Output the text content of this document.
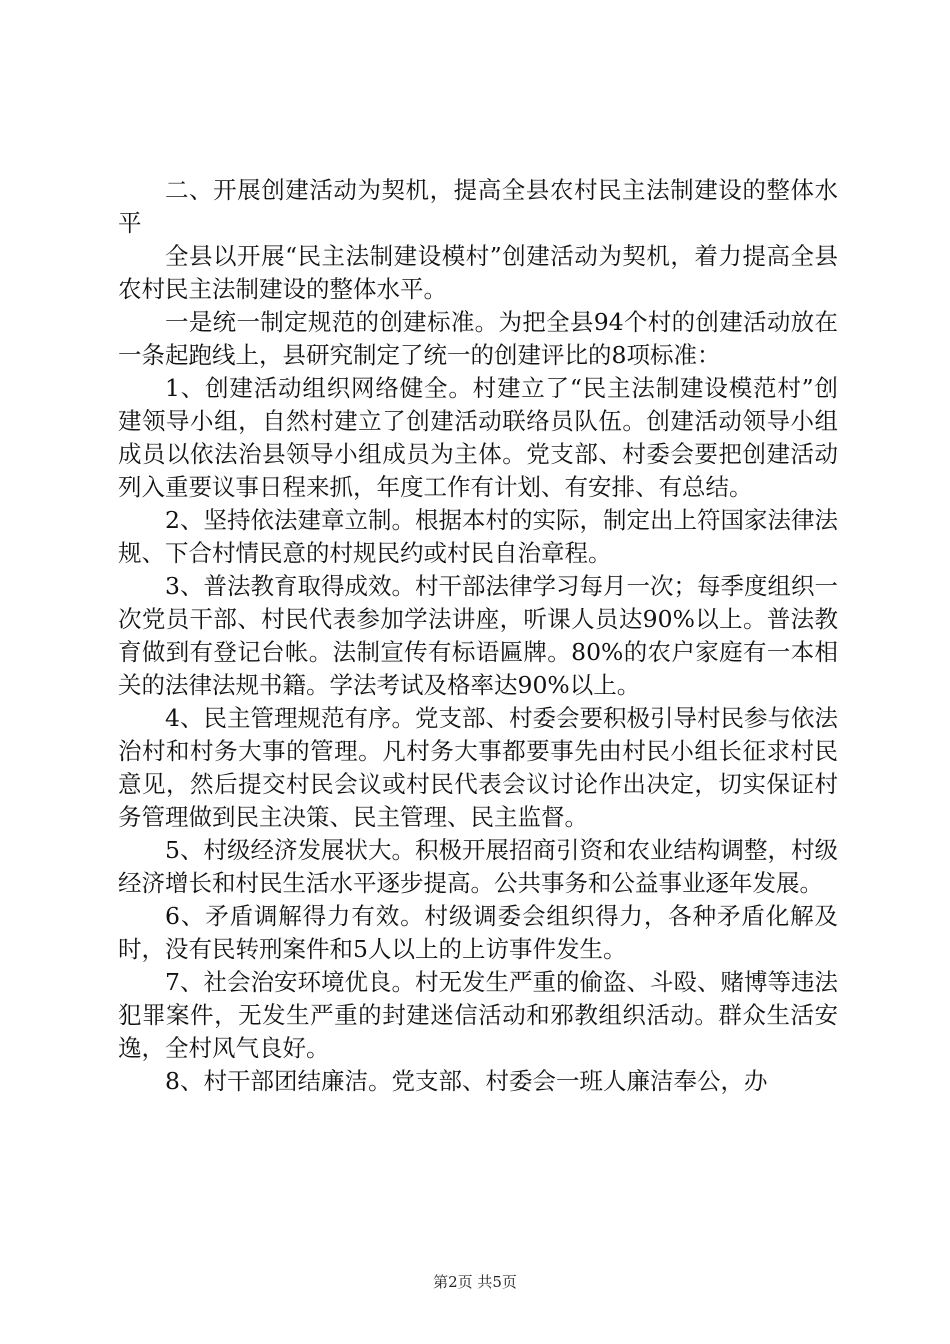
二、开展创建活动为契机，提高全县农村民主法制建设的整体水平

全县以开展“民主法制建设模村”创建活动为契机，着力提高全县农村民主法制建设的整体水平。

一是统一制定规范的创建标准。为把全县94个村的创建活动放在一条起跑线上，县研究制定了统一的创建评比的8项标准：

1、创建活动组织网络健全。村建立了“民主法制建设模范村”创建领导小组，自然村建立了创建活动联络员队伍。创建活动领导小组成员以依法治县领导小组成员为主体。党支部、村委会要把创建活动列入重要议事日程来抓，年度工作有计划、有安排、有总结。

2、坚持依法建章立制。根据本村的实际，制定出上符国家法律法规、下合村情民意的村规民约或村民自治章程。

3、普法教育取得成效。村干部法律学习每月一次；每季度组织一次党员干部、村民代表参加学法讲座，听课人员达90%以上。普法教育做到有登记台帐。法制宣传有标语匾牌。80%的农户家庭有一本相关的法律法规书籍。学法考试及格率达90%以上。

4、民主管理规范有序。党支部、村委会要积极引导村民参与依法治村和村务大事的管理。凡村务大事都要事先由村民小组长征求村民意见，然后提交村民会议或村民代表会议讨论作出决定，切实保证村务管理做到民主决策、民主管理、民主监督。

5、村级经济发展状大。积极开展招商引资和农业结构调整，村级经济增长和村民生活水平逐步提高。公共事务和公益事业逐年发展。

6、矛盾调解得力有效。村级调委会组织得力，各种矛盾化解及时，没有民转刑案件和5人以上的上访事件发生。

7、社会治安环境优良。村无发生严重的偷盗、斗殴、赌博等违法犯罪案件，无发生严重的封建迷信活动和邪教组织活动。群众生活安逸，全村风气良好。

8、村干部团结廉洁。党支部、村委会一班人廉洁奉公，办

第2页 共5页
